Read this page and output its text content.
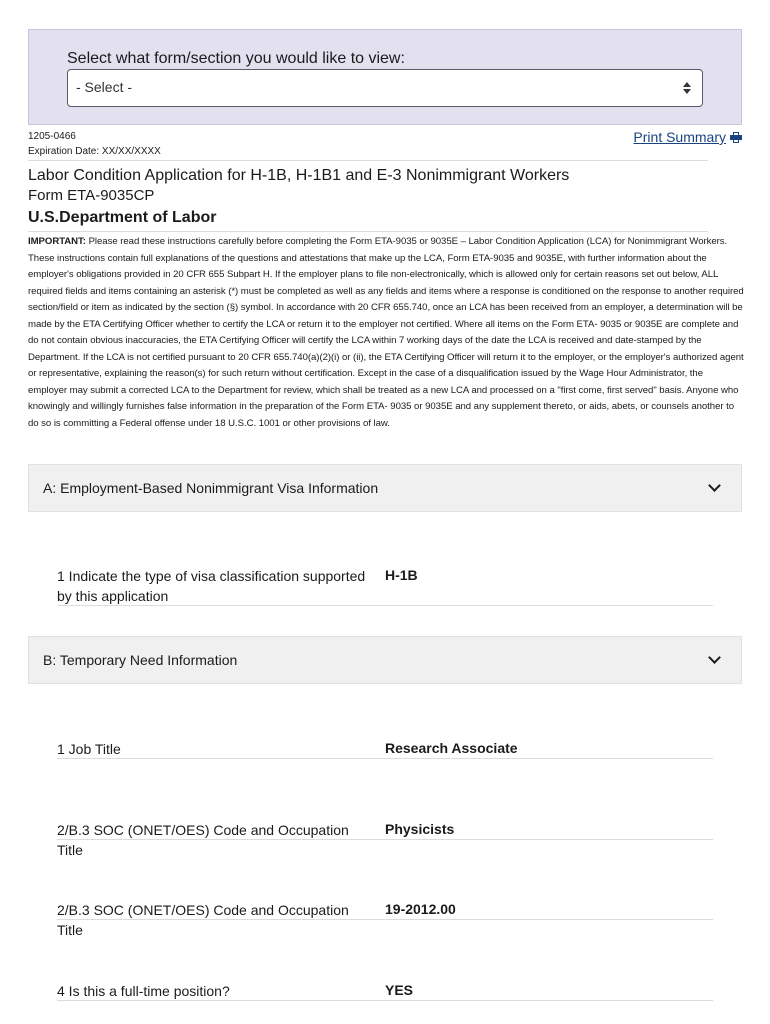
Select what form/section you would like to view:
- Select -
1205-0466
Expiration Date: XX/XX/XXXX
Print Summary
Labor Condition Application for H-1B, H-1B1 and E-3 Nonimmigrant Workers
Form ETA-9035CP
U.S.Department of Labor
IMPORTANT: Please read these instructions carefully before completing the Form ETA-9035 or 9035E – Labor Condition Application (LCA) for Nonimmigrant Workers. These instructions contain full explanations of the questions and attestations that make up the LCA, Form ETA-9035 and 9035E, with further information about the employer's obligations provided in 20 CFR 655 Subpart H. If the employer plans to file non-electronically, which is allowed only for certain reasons set out below, ALL required fields and items containing an asterisk (*) must be completed as well as any fields and items where a response is conditioned on the response to another required section/field or item as indicated by the section (§) symbol. In accordance with 20 CFR 655.740, once an LCA has been received from an employer, a determination will be made by the ETA Certifying Officer whether to certify the LCA or return it to the employer not certified. Where all items on the Form ETA- 9035 or 9035E are complete and do not contain obvious inaccuracies, the ETA Certifying Officer will certify the LCA within 7 working days of the date the LCA is received and date-stamped by the Department. If the LCA is not certified pursuant to 20 CFR 655.740(a)(2)(i) or (ii), the ETA Certifying Officer will return it to the employer, or the employer's authorized agent or representative, explaining the reason(s) for such return without certification. Except in the case of a disqualification issued by the Wage Hour Administrator, the employer may submit a corrected LCA to the Department for review, which shall be treated as a new LCA and processed on a "first come, first served" basis. Anyone who knowingly and willingly furnishes false information in the preparation of the Form ETA- 9035 or 9035E and any supplement thereto, or aids, abets, or counsels another to do so is committing a Federal offense under 18 U.S.C. 1001 or other provisions of law.
A: Employment-Based Nonimmigrant Visa Information
1 Indicate the type of visa classification supported by this application
H-1B
B: Temporary Need Information
1 Job Title	Research Associate
2/B.3 SOC (ONET/OES) Code and Occupation Title
Physicists
2/B.3 SOC (ONET/OES) Code and Occupation Title
19-2012.00
4 Is this a full-time position?	YES
